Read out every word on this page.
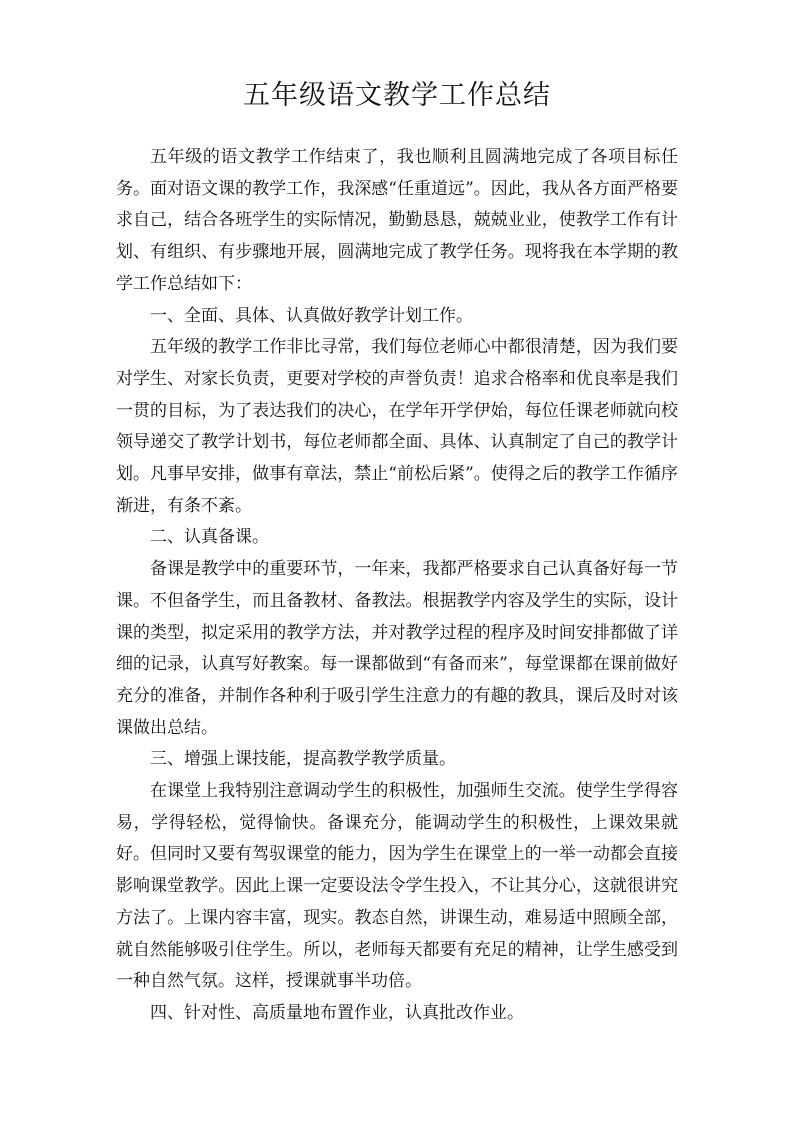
五年级语文教学工作总结

五年级的语文教学工作结束了，我也顺利且圆满地完成了各项目标任务。面对语文课的教学工作，我深感“任重道远”。因此，我从各方面严格要求自己，结合各班学生的实际情况，勤勤恳恳，兢兢业业，使教学工作有计划、有组织、有步骤地开展，圆满地完成了教学任务。现将我在本学期的教学工作总结如下：

一、全面、具体、认真做好教学计划工作。

五年级的教学工作非比寻常，我们每位老师心中都很清楚，因为我们要对学生、对家长负责，更要对学校的声誉负责！追求合格率和优良率是我们一贯的目标，为了表达我们的决心，在学年开学伊始，每位任课老师就向校领导递交了教学计划书，每位老师都全面、具体、认真制定了自己的教学计划。凡事早安排，做事有章法，禁止“前松后紧”。使得之后的教学工作循序渐进，有条不紊。

二、认真备课。

备课是教学中的重要环节，一年来，我都严格要求自己认真备好每一节课。不但备学生，而且备教材、备教法。根据教学内容及学生的实际，设计课的类型，拟定采用的教学方法，并对教学过程的程序及时间安排都做了详细的记录，认真写好教案。每一课都做到“有备而来”，每堂课都在课前做好充分的准备，并制作各种利于吸引学生注意力的有趣的教具，课后及时对该课做出总结。

三、增强上课技能，提高教学教学质量。

在课堂上我特别注意调动学生的积极性，加强师生交流。使学生学得容易，学得轻松，觉得愉快。备课充分，能调动学生的积极性，上课效果就好。但同时又要有驾驭课堂的能力，因为学生在课堂上的一举一动都会直接影响课堂教学。因此上课一定要设法令学生投入，不让其分心，这就很讲究方法了。上课内容丰富，现实。教态自然，讲课生动，难易适中照顾全部，就自然能够吸引住学生。所以，老师每天都要有充足的精神，让学生感受到一种自然气氛。这样，授课就事半功倍。

四、针对性、高质量地布置作业，认真批改作业。
